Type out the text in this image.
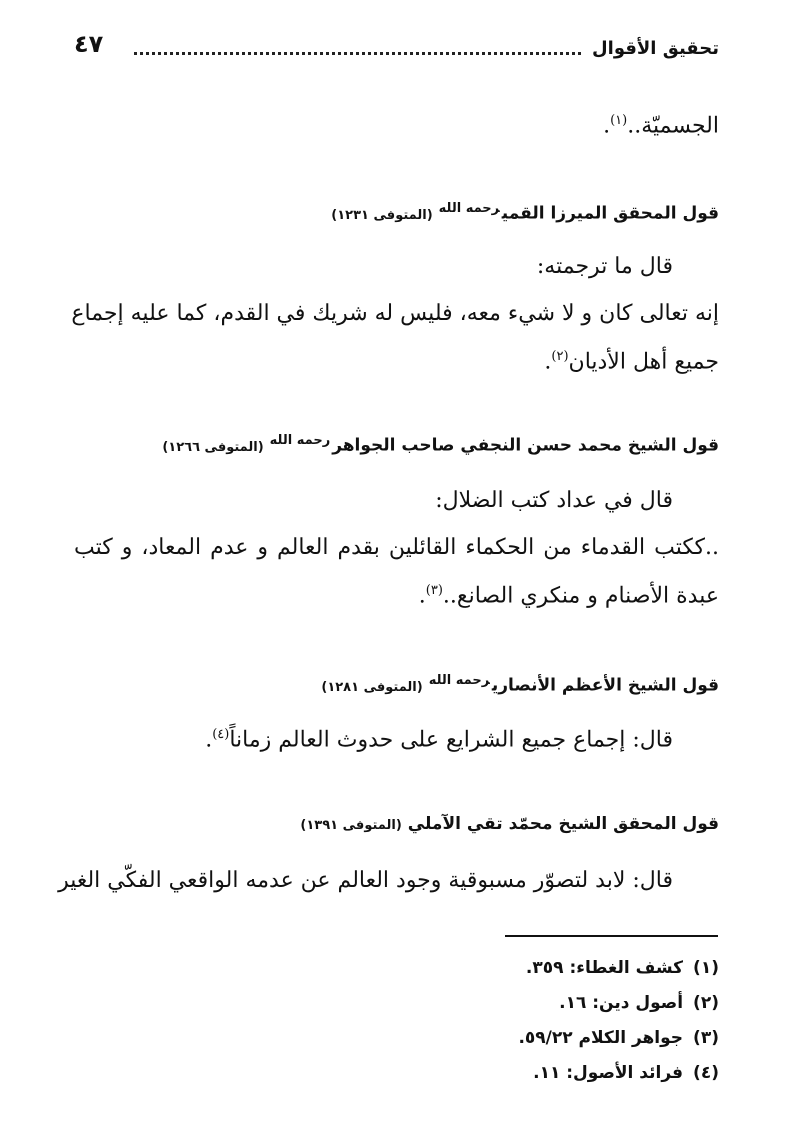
تحقيق الأقوال
٤٧
الجسميّة..$^{(١)}$.
قول المحقق الميرزا القمي$^{رحمه الله}$(المتوفى ١٢٣١)
قال ما ترجمته:
إنه تعالى كان و لا شيء معه، فليس له شريك في القدم، كما عليه إجماع
جميع أهل الأديان$^{(٢)}$.
قول الشيخ محمد حسن النجفي صاحب الجواهر$^{رحمه الله}$(المتوفى ١٢٦٦)
قال في عداد كتب الضلال:
..ككتب القدماء من الحكماء القائلين بقدم العالم و عدم المعاد، و كتب
عبدة الأصنام و منكري الصانع..$^{(٣)}$.
قول الشيخ الأعظم الأنصاري$^{رحمه الله}$(المتوفى ١٢٨١)
قال: إجماع جميع الشرايع على حدوث العالم زماناً$^{(٤)}$.
قول المحقق الشيخ محمّد تقي الآملي(المتوفى ١٣٩١)
قال: لابد لتصوّر مسبوقية وجود العالم عن عدمه الواقعي الفكّي الغير
(١)كشف الغطاء: ٣٥٩.
(٢)أصول دين: ١٦.
(٣)جواهر الكلام ٥٩/٢٢.
(٤)فرائد الأصول: ١١.
